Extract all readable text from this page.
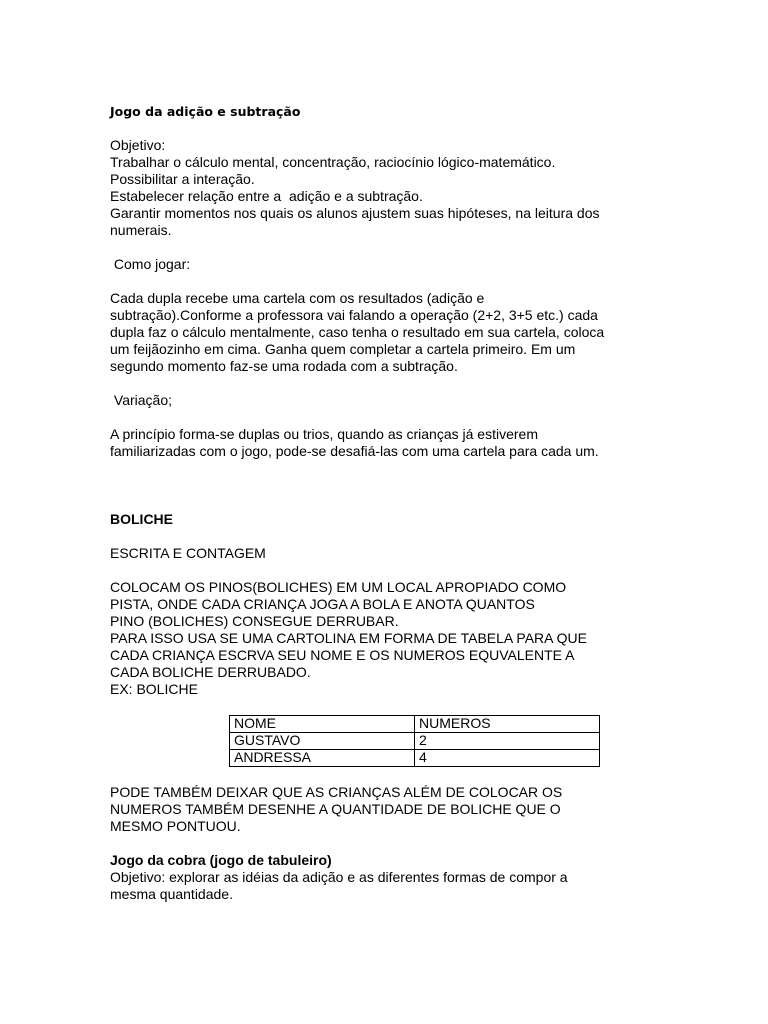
Jogo da adição e subtração
Objetivo:
Trabalhar o cálculo mental, concentração, raciocínio lógico-matemático.
Possibilitar a interação.
Estabelecer relação entre a  adição e a subtração.
Garantir momentos nos quais os alunos ajustem suas hipóteses, na leitura dos
numerais.
Como jogar:
Cada dupla recebe uma cartela com os resultados (adição e
subtração).Conforme a professora vai falando a operação (2+2, 3+5 etc.) cada
dupla faz o cálculo mentalmente, caso tenha o resultado em sua cartela, coloca
um feijãozinho em cima. Ganha quem completar a cartela primeiro. Em um
segundo momento faz-se uma rodada com a subtração.
Variação;
A princípio forma-se duplas ou trios, quando as crianças já estiverem
familiarizadas com o jogo, pode-se desafiá-las com uma cartela para cada um.
BOLICHE
ESCRITA E CONTAGEM
COLOCAM OS PINOS(BOLICHES) EM UM LOCAL APROPIADO COMO
PISTA, ONDE CADA CRIANÇA JOGA A BOLA E ANOTA QUANTOS
PINO (BOLICHES) CONSEGUE DERRUBAR.
PARA ISSO USA SE UMA CARTOLINA EM FORMA DE TABELA PARA QUE
CADA CRIANÇA ESCRVA SEU NOME E OS NUMEROS EQUVALENTE A
CADA BOLICHE DERRUBADO.
EX: BOLICHE
NOME	NUMEROS
GUSTAVO	2
ANDRESSA	4
PODE TAMBÉM DEIXAR QUE AS CRIANÇAS ALÉM DE COLOCAR OS
NUMEROS TAMBÉM DESENHE A QUANTIDADE DE BOLICHE QUE O
MESMO PONTUOU.
Jogo da cobra (jogo de tabuleiro)
Objetivo: explorar as idéias da adição e as diferentes formas de compor a
mesma quantidade.
